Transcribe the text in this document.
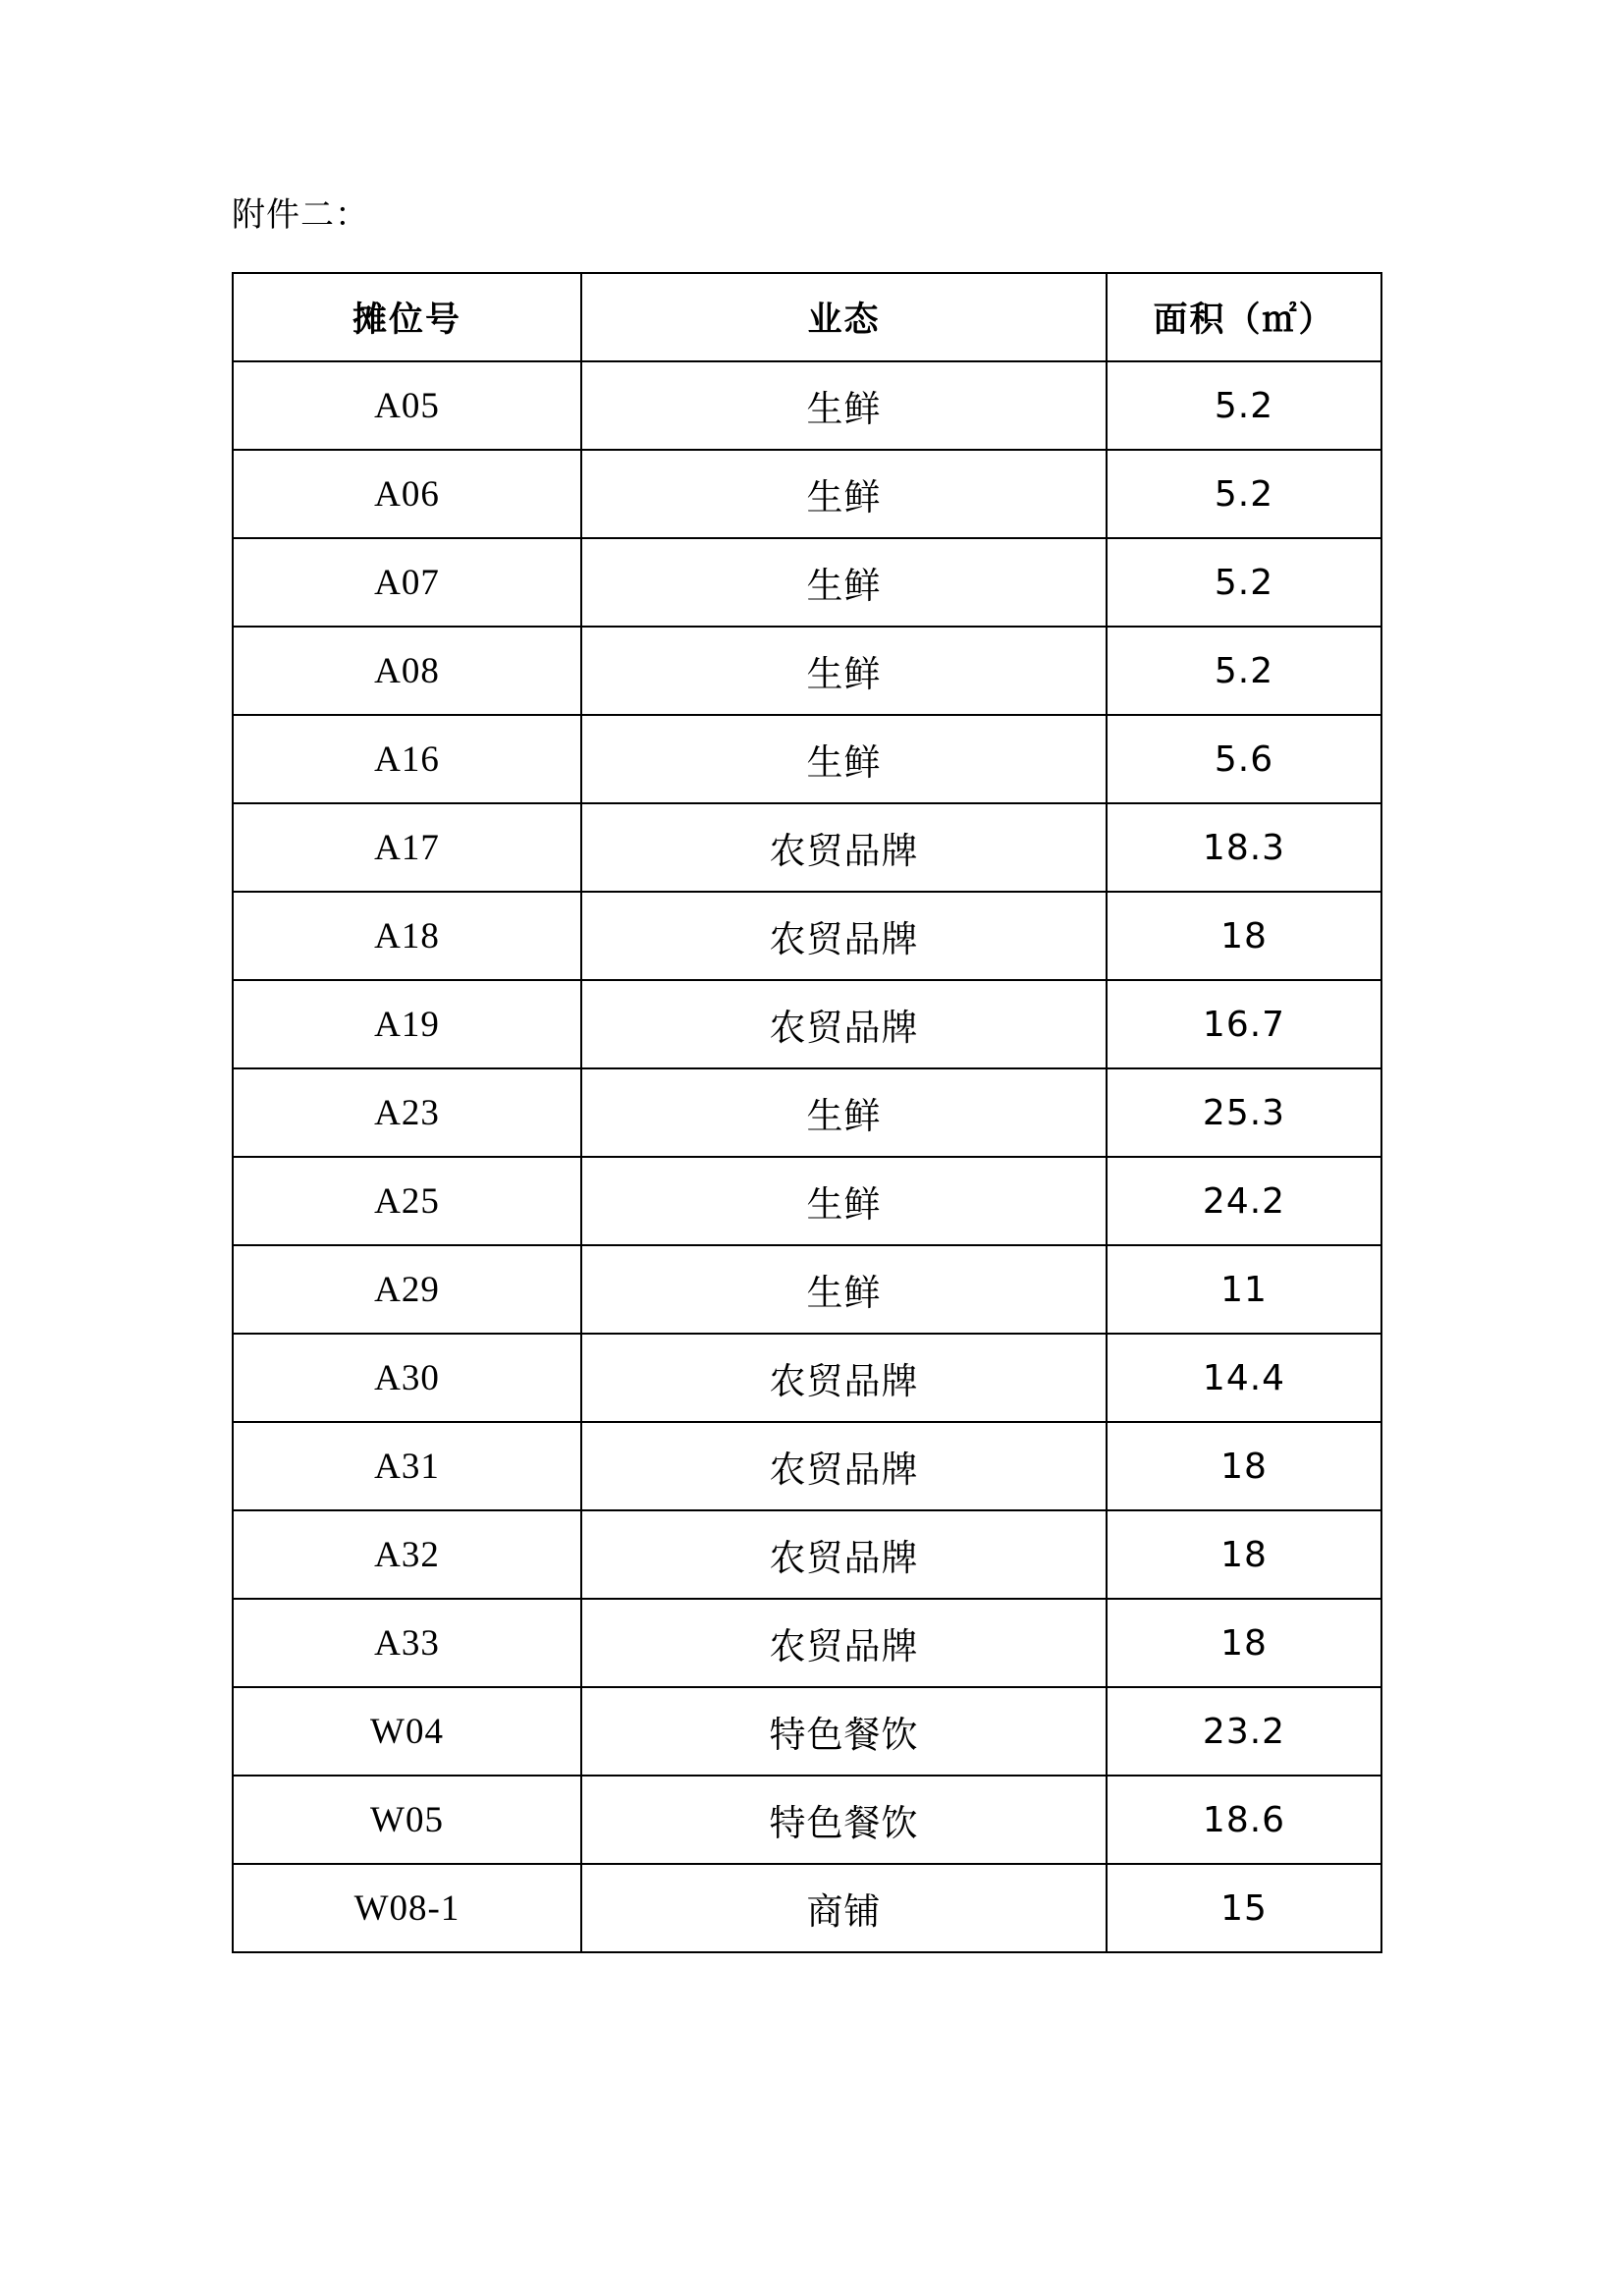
附件二：
摊位号	业态	面积（㎡）
A05	生鲜	5.2
A06	生鲜	5.2
A07	生鲜	5.2
A08	生鲜	5.2
A16	生鲜	5.6
A17	农贸品牌	18.3
A18	农贸品牌	18
A19	农贸品牌	16.7
A23	生鲜	25.3
A25	生鲜	24.2
A29	生鲜	11
A30	农贸品牌	14.4
A31	农贸品牌	18
A32	农贸品牌	18
A33	农贸品牌	18
W04	特色餐饮	23.2
W05	特色餐饮	18.6
W08-1	商铺	15
